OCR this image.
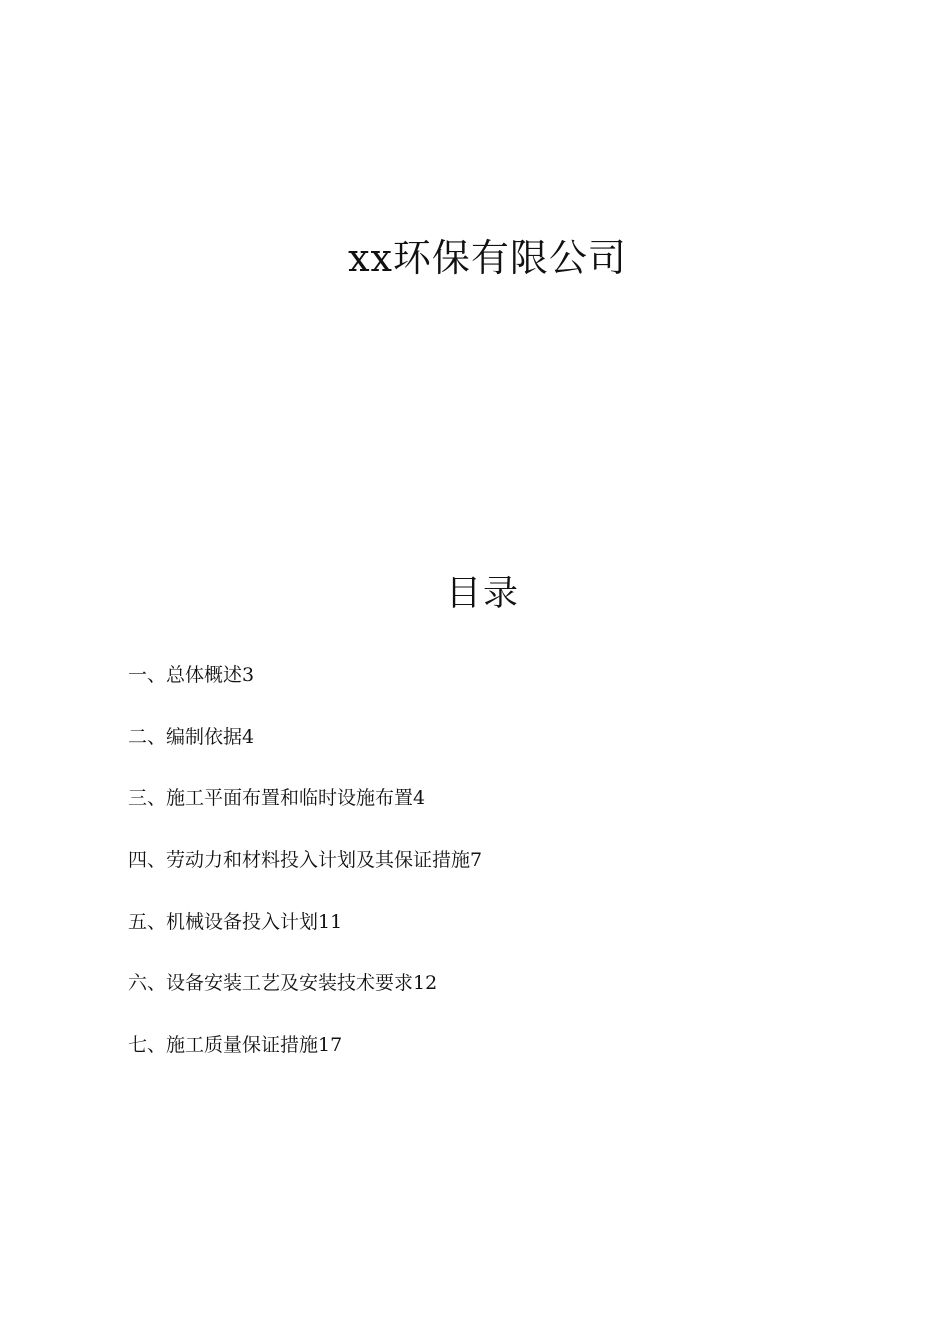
xx环保有限公司
目录
一、总体概述3
二、编制依据4
三、施工平面布置和临时设施布置4
四、劳动力和材料投入计划及其保证措施7
五、机械设备投入计划11
六、设备安装工艺及安装技术要求12
七、施工质量保证措施17
